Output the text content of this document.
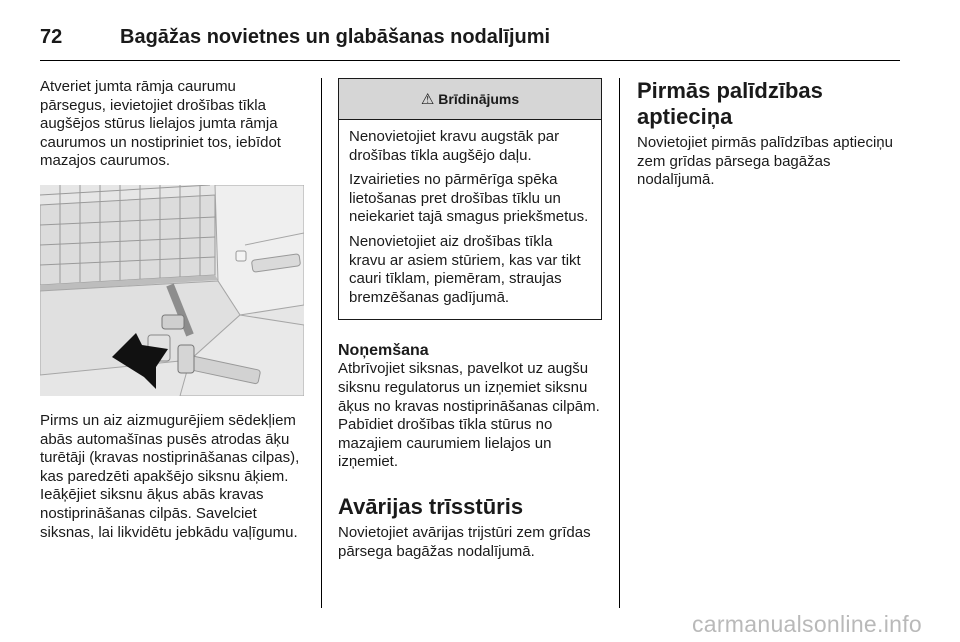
72	Bagāžas novietnes un glabāšanas nodalījumi

Atveriet jumta rāmja caurumu pārsegus, ievietojiet drošības tīkla augšējos stūrus lielajos jumta rāmja caurumos un nostipriniet tos, iebīdot mazajos caurumos.

Pirms un aiz aizmugurējiem sēdekļiem abās automašīnas pusēs atrodas āķu turētāji (kravas nostiprināšanas cilpas), kas paredzēti apakšējo siksnu āķiem. Ieāķējiet siksnu āķus abās kravas nostiprināšanas cilpās. Savelciet siksnas, lai likvidētu jebkādu vaļīgumu.

⚠ Brīdinājums

Nenovietojiet kravu augstāk par drošības tīkla augšējo daļu.

Izvairieties no pārmērīga spēka lietošanas pret drošības tīklu un neiekariet tajā smagus priekšmetus.

Nenovietojiet aiz drošības tīkla kravu ar asiem stūriem, kas var tikt cauri tīklam, piemēram, straujas bremzēšanas gadījumā.

Noņemšana

Atbrīvojiet siksnas, pavelkot uz augšu siksnu regulatorus un izņemiet siksnu āķus no kravas nostiprināšanas cilpām. Pabīdiet drošības tīkla stūrus no mazajiem caurumiem lielajos un izņemiet.

Avārijas trīsstūris

Novietojiet avārijas trijstūri zem grīdas pārsega bagāžas nodalījumā.

Pirmās palīdzības aptieciņa

Novietojiet pirmās palīdzības aptieciņu zem grīdas pārsega bagāžas nodalījumā.

carmanualsonline.info
